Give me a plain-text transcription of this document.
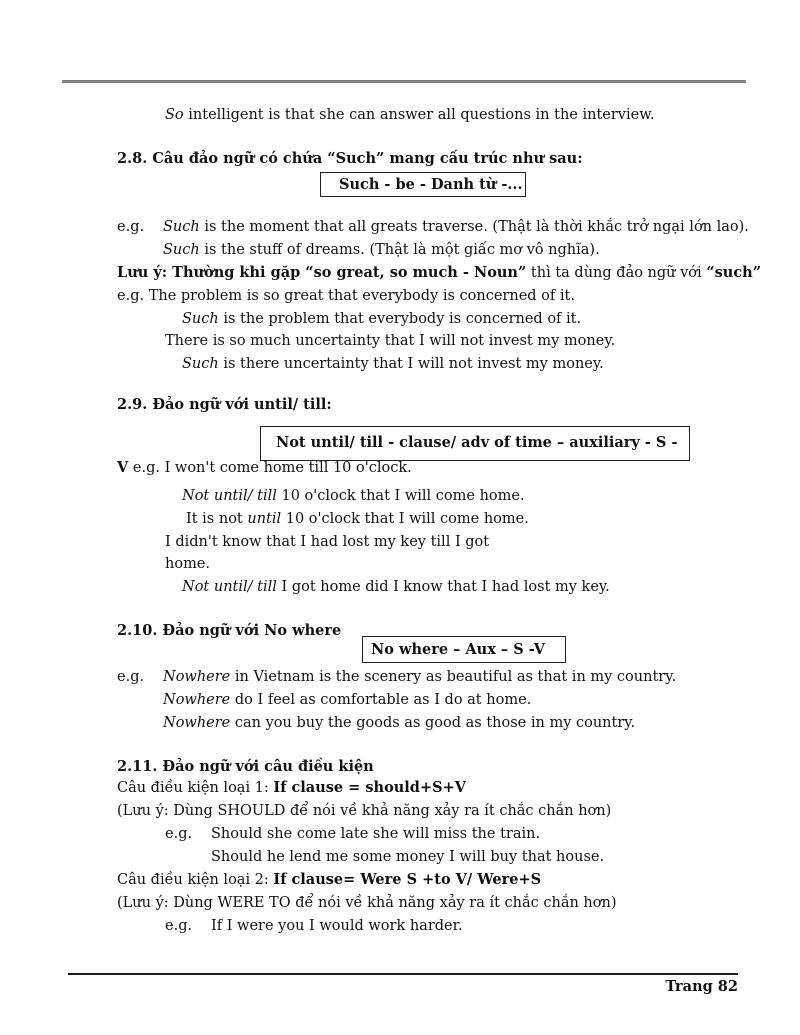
So intelligent is that she can answer all questions in the interview.
2.8. Câu đảo ngữ có chứa “Such” mang cấu trúc như sau:
Such - be - Danh từ -...
e.g. Such is the moment that all greats traverse. (Thật là thời khắc trở ngại lớn lao).
Such is the stuff of dreams. (Thật là một giấc mơ vô nghĩa).
Lưu ý: Thường khi gặp “so great, so much - Noun” thì ta dùng đảo ngữ với “such”
e.g. The problem is so great that everybody is concerned of it.
Such is the problem that everybody is concerned of it.
There is so much uncertainty that I will not invest my money.
Such is there uncertainty that I will not invest my money.
2.9. Đảo ngữ với until/ till:
Not until/ till - clause/ adv of time – auxiliary - S -
V e.g. I won't come home till 10 o'clock.
Not until/ till 10 o'clock that I will come home.
It is not until 10 o'clock that I will come home.
I didn't know that I had lost my key till I got
home.
Not until/ till I got home did I know that I had lost my key.
2.10. Đảo ngữ với No where
No where – Aux – S -V
e.g. Nowhere in Vietnam is the scenery as beautiful as that in my country.
Nowhere do I feel as comfortable as I do at home.
Nowhere can you buy the goods as good as those in my country.
2.11. Đảo ngữ với câu điều kiện
Câu điều kiện loại 1: If clause = should+S+V
(Lưu ý: Dùng SHOULD để nói về khả năng xảy ra ít chắc chắn hơn)
e.g. Should she come late she will miss the train.
Should he lend me some money I will buy that house.
Câu điều kiện loại 2: If clause= Were S +to V/ Were+S
(Lưu ý: Dùng WERE TO để nói về khả năng xảy ra ít chắc chắn hơn)
e.g. If I were you I would work harder.
Trang 82
